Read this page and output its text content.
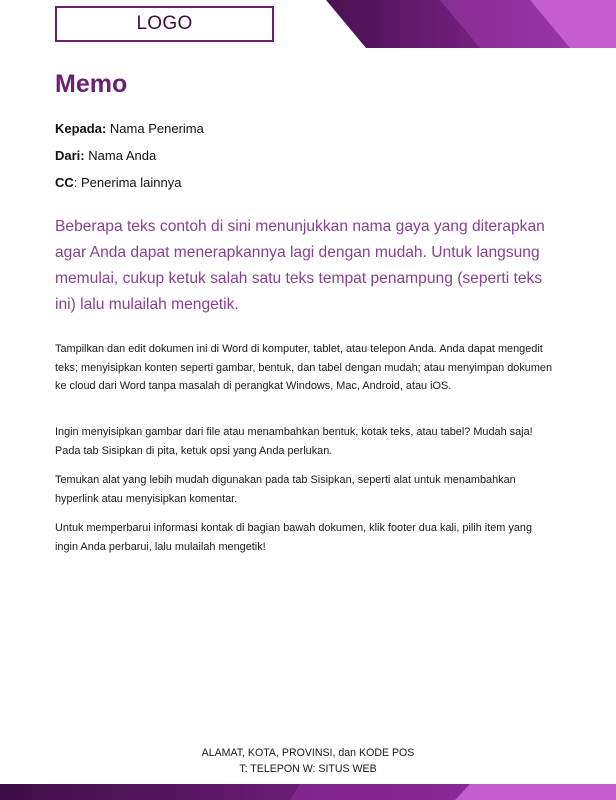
LOGO
Memo
Kepada: Nama Penerima
Dari: Nama Anda
CC: Penerima lainnya
Beberapa teks contoh di sini menunjukkan nama gaya yang diterapkan agar Anda dapat menerapkannya lagi dengan mudah. Untuk langsung memulai, cukup ketuk salah satu teks tempat penampung (seperti teks ini) lalu mulailah mengetik.

Tampilkan dan edit dokumen ini di Word di komputer, tablet, atau telepon Anda. Anda dapat mengedit teks; menyisipkan konten seperti gambar, bentuk, dan tabel dengan mudah; atau menyimpan dokumen ke cloud dari Word tanpa masalah di perangkat Windows, Mac, Android, atau iOS.

Ingin menyisipkan gambar dari file atau menambahkan bentuk, kotak teks, atau tabel? Mudah saja! Pada tab Sisipkan di pita, ketuk opsi yang Anda perlukan.

Temukan alat yang lebih mudah digunakan pada tab Sisipkan, seperti alat untuk menambahkan hyperlink atau menyisipkan komentar.

Untuk memperbarui informasi kontak di bagian bawah dokumen, klik footer dua kali, pilih item yang ingin Anda perbarui, lalu mulailah mengetik!

ALAMAT, KOTA, PROVINSI, dan KODE POS
T: TELEPON W: SITUS WEB
